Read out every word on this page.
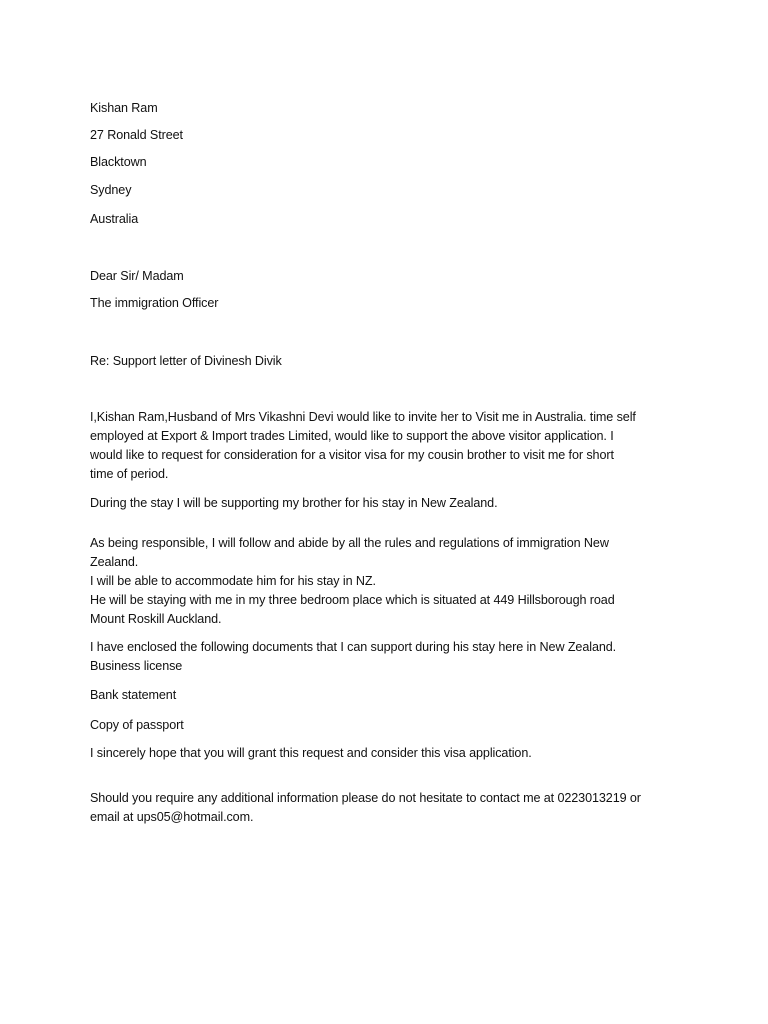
Kishan Ram
27 Ronald Street
Blacktown
Sydney
Australia
Dear Sir/ Madam
The immigration Officer
Re: Support letter of Divinesh Divik
I,Kishan Ram,Husband of Mrs Vikashni Devi would like to invite her to Visit me in Australia. time self
employed at Export & Import trades Limited, would like to support the above visitor application. I
would like to request for consideration for a visitor visa for my cousin brother to visit me for short
time of period.
During the stay I will be supporting my brother for his stay in New Zealand.
As being responsible, I will follow and abide by all the rules and regulations of immigration New
Zealand.
I will be able to accommodate him for his stay in NZ.
He will be staying with me in my three bedroom place which is situated at 449 Hillsborough road
Mount Roskill Auckland.
I have enclosed the following documents that I can support during his stay here in New Zealand.
Business license
Bank statement
Copy of passport
I sincerely hope that you will grant this request and consider this visa application.
Should you require any additional information please do not hesitate to contact me at 0223013219 or
email at ups05@hotmail.com.
